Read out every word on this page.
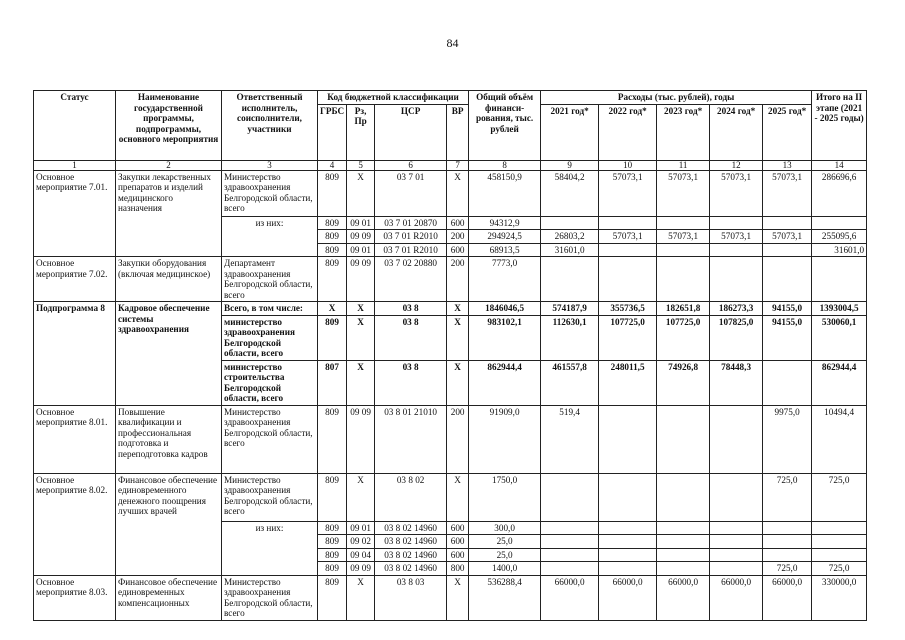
84
Статус	Наименование государственной программы, подпрограммы, основного мероприятия	Ответственный исполнитель, соисполнители, участники	Код бюджетной классификации				Общий объём финанси-рования, тыс. рублей	Расходы (тыс. рублей), годы					Итого на II этапе (2021 - 2025 годы)
			ГРБС	Рз, Пр	ЦСР	ВР		2021 год*	2022 год*	2023 год*	2024 год*	2025 год*	
1	2	3	4	5	6	7	8	9	10	11	12	13	14
Основное мероприятие 7.01.	Закупки лекарственных препаратов и изделий медицинского назначения	Министерство здравоохранения Белгородской области, всего	809	X	03 7 01	X	458150,9	58404,2	57073,1	57073,1	57073,1	57073,1	286696,6
		из них:	809	09 01	03 7 01 20870	600	94312,9						
			809	09 09	03 7 01 R2010	200	294924,5	26803,2	57073,1	57073,1	57073,1	57073,1	255095,6
			809	09 01	03 7 01 R2010	600	68913,5	31601,0					31601,0
Основное мероприятие 7.02.	Закупки оборудования (включая медицинское)	Департамент здравоохранения Белгородской области, всего	809	09 09	03 7 02 20880	200	7773,0						
Подпрограмма 8	Кадровое обеспечение системы здравоохранения	Всего, в том числе:	X	X	03 8	X	1846046,5	574187,9	355736,5	182651,8	186273,3	94155,0	1393004,5
		министерство здравоохранения Белгородской области, всего	809	X	03 8	X	983102,1	112630,1	107725,0	107725,0	107825,0	94155,0	530060,1
		министерство строительства Белгородской области, всего	807	X	03 8	X	862944,4	461557,8	248011,5	74926,8	78448,3		862944,4
Основное мероприятие 8.01.	Повышение квалификации и профессиональная подготовка и переподготовка кадров	Министерство здравоохранения Белгородской области, всего	809	09 09	03 8 01 21010	200	91909,0	519,4				9975,0	10494,4
Основное мероприятие 8.02.	Финансовое обеспечение единовременного денежного поощрения лучших врачей	Министерство здравоохранения Белгородской области, всего	809	X	03 8 02	X	1750,0					725,0	725,0
		из них:	809	09 01	03 8 02 14960	600	300,0						
			809	09 02	03 8 02 14960	600	25,0						
			809	09 04	03 8 02 14960	600	25,0						
			809	09 09	03 8 02 14960	800	1400,0					725,0	725,0
Основное мероприятие 8.03.	Финансовое обеспечение единовременных компенсационных	Министерство здравоохранения Белгородской области, всего	809	X	03 8 03	X	536288,4	66000,0	66000,0	66000,0	66000,0	66000,0	330000,0
